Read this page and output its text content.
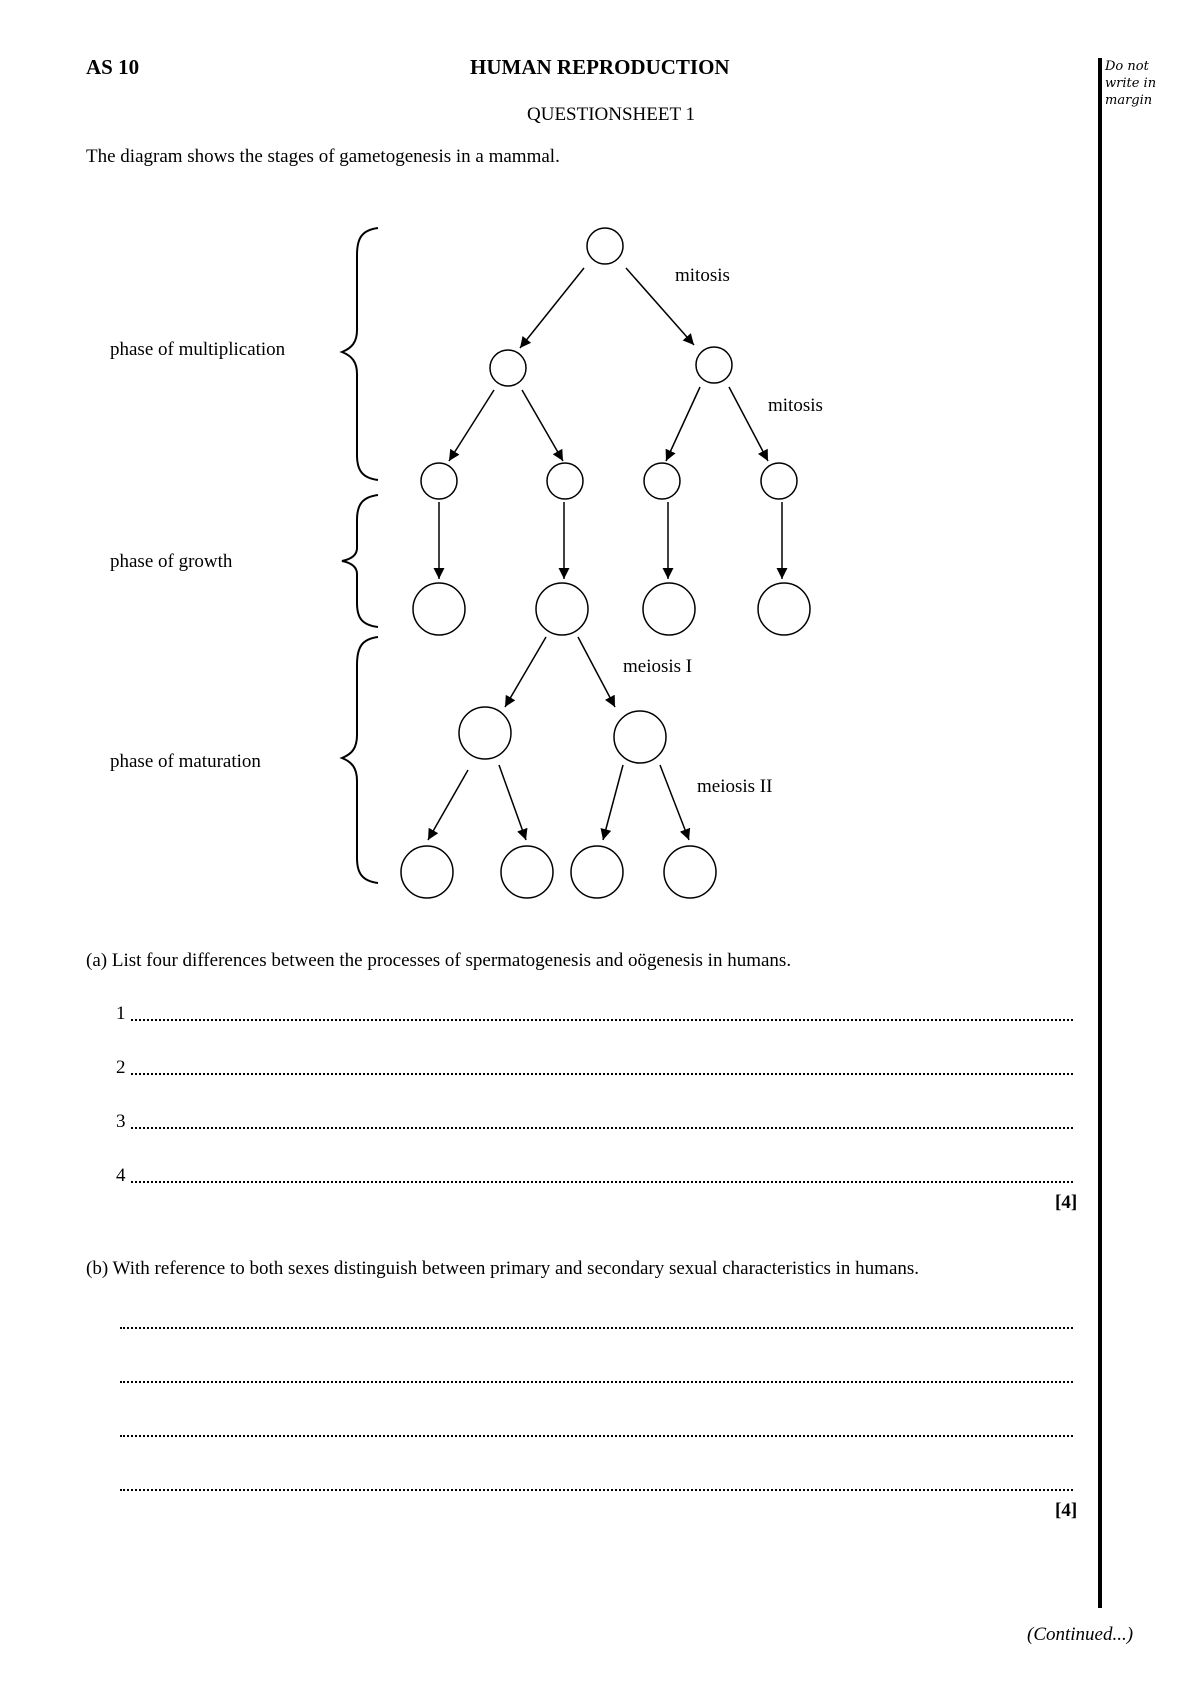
AS 10	HUMAN REPRODUCTION
QUESTIONSHEET 1
Do not
write in
margin
The diagram shows the stages of gametogenesis in a mammal.
phase of multiplication
phase of growth
phase of maturation
mitosis
mitosis
meiosis I
meiosis II
(a) List four differences between the processes of spermatogenesis and oögenesis in humans.
1
2
3
4
[4]
(b) With reference to both sexes distinguish between primary and secondary sexual characteristics in humans.
[4]
(Continued...)
